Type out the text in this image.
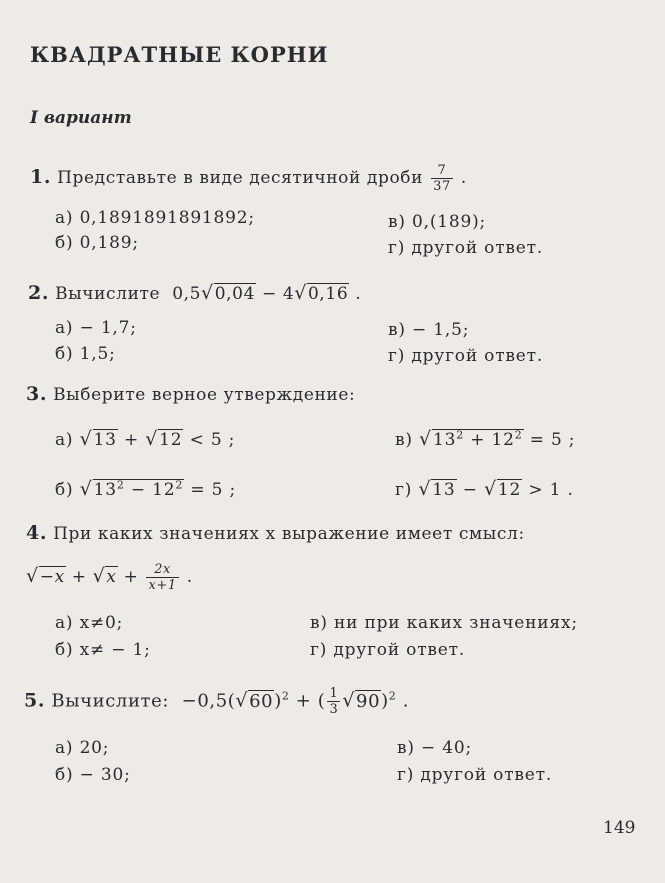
КВАДРАТНЫЕ КОРНИ
I вариант
1. Представьте в виде десятичной дроби $\frac{7}{37}$ .
а) 0,1891891891892;
б) 0,189;
в) 0,(189);
г) другой ответ.
2. Вычислите 0,5√0,04 − 4√0,16 .
а) − 1,7;
б) 1,5;
в) − 1,5;
г) другой ответ.
3. Выберите верное утверждение:
а) √13 + √12 < 5 ;	в) $√13^2 + 12^2 = 5$ ;
б) $√13^2 - 12^2 = 5$ ;	г) √13 − √12 > 1 .
4. При каких значениях x выражение имеет смысл:
$√-x + √x + \frac{2x}{x+1}$ .
а) x≠0;
б) x≠ − 1;
в) ни при каких значениях;
г) другой ответ.
5. Вычислите: $-0,5(√60)^2$ + ( $\frac{1}{3} √90)^2$ .
а) 20;
б) − 30;
в) − 40;
г) другой ответ.
149
